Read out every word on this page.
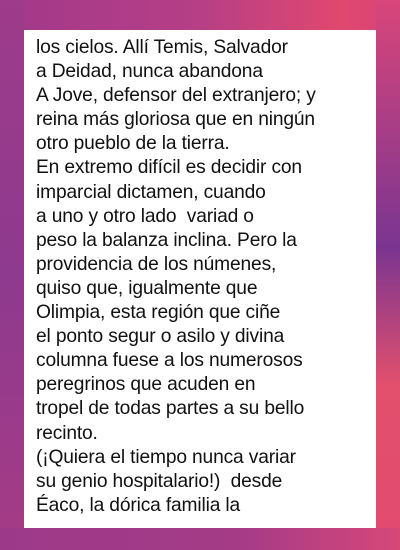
los cielos. Allí Temis, Salvador
a Deidad, nunca abandona
A Jove, defensor del extranjero; y
reina más gloriosa que en ningún
otro pueblo de la tierra.
En extremo difícil es decidir con
imparcial dictamen, cuando
a uno y otro lado  variad o
peso la balanza inclina. Pero la
providencia de los númenes,
quiso que, igualmente que
Olimpia, esta región que ciñe
el ponto segur o asilo y divina
columna fuese a los numerosos
peregrinos que acuden en
tropel de todas partes a su bello
recinto.
(¡Quiera el tiempo nunca variar
su genio hospitalario!)  desde
Éaco, la dórica familia la
